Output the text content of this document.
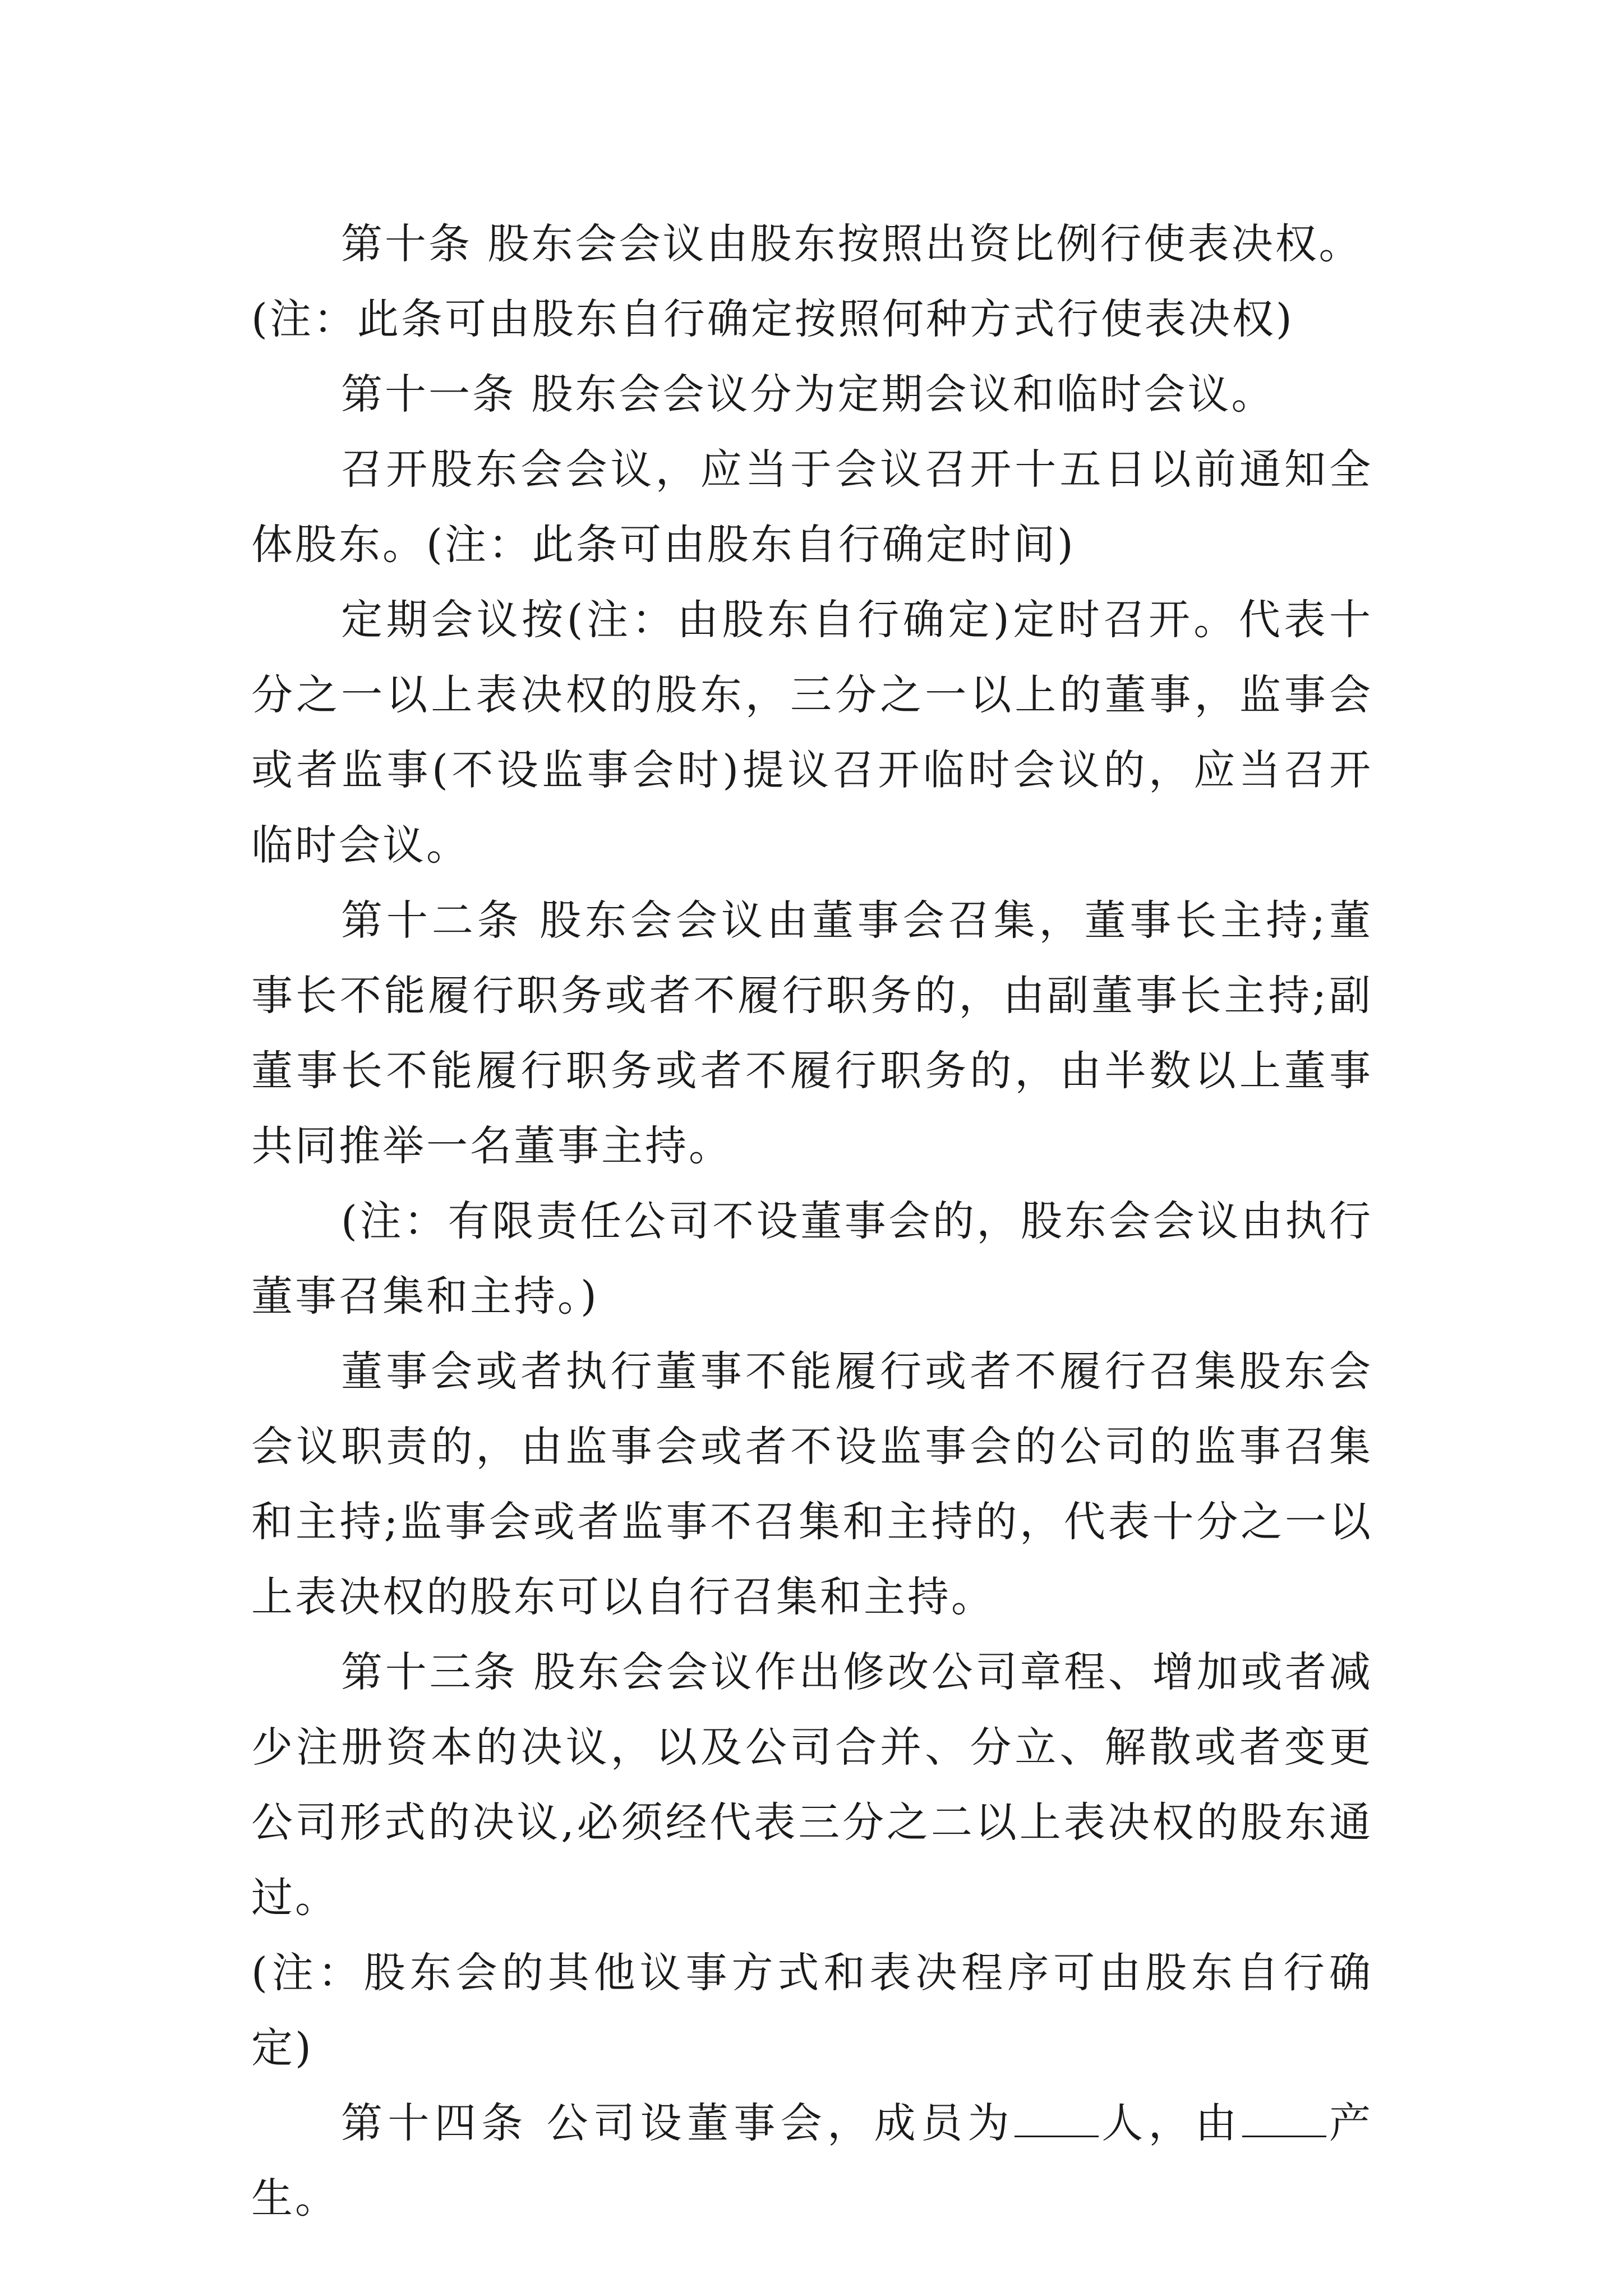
第十条 股东会会议由股东按照出资比例行使表决权。

(注：此条可由股东自行确定按照何种方式行使表决权)

第十一条 股东会会议分为定期会议和临时会议。

召开股东会会议，应当于会议召开十五日以前通知全体股东。(注：此条可由股东自行确定时间)

定期会议按(注：由股东自行确定)定时召开。代表十分之一以上表决权的股东，三分之一以上的董事，监事会或者监事(不设监事会时)提议召开临时会议的，应当召开临时会议。

第十二条 股东会会议由董事会召集，董事长主持;董事长不能履行职务或者不履行职务的，由副董事长主持;副董事长不能履行职务或者不履行职务的，由半数以上董事共同推举一名董事主持。

(注：有限责任公司不设董事会的，股东会会议由执行董事召集和主持。)

董事会或者执行董事不能履行或者不履行召集股东会会议职责的，由监事会或者不设监事会的公司的监事召集和主持;监事会或者监事不召集和主持的，代表十分之一以上表决权的股东可以自行召集和主持。

第十三条 股东会会议作出修改公司章程、增加或者减少注册资本的决议，以及公司合并、分立、解散或者变更公司形式的决议,必须经代表三分之二以上表决权的股东通过。

(注：股东会的其他议事方式和表决程序可由股东自行确定)

第十四条 公司设董事会，成员为 人，由 产生。
